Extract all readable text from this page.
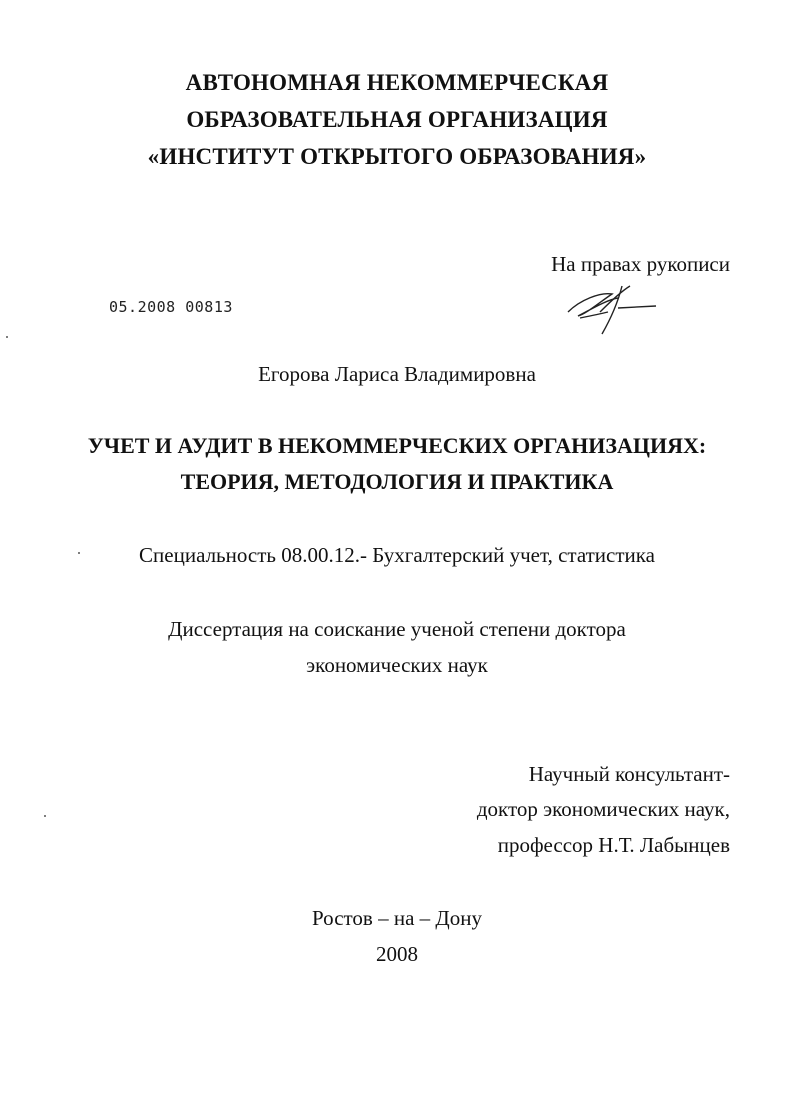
АВТОНОМНАЯ НЕКОММЕРЧЕСКАЯ
ОБРАЗОВАТЕЛЬНАЯ ОРГАНИЗАЦИЯ
«ИНСТИТУТ ОТКРЫТОГО ОБРАЗОВАНИЯ»
На правах рукописи
05.2008 00813
Егорова Лариса Владимировна
УЧЕТ И АУДИТ В НЕКОММЕРЧЕСКИХ ОРГАНИЗАЦИЯХ:
ТЕОРИЯ, МЕТОДОЛОГИЯ И ПРАКТИКА
Специальность 08.00.12.- Бухгалтерский учет, статистика
Диссертация на соискание ученой степени доктора
экономических наук
Научный консультант-
доктор экономических наук,
профессор Н.Т. Лабынцев
Ростов – на – Дону
2008
